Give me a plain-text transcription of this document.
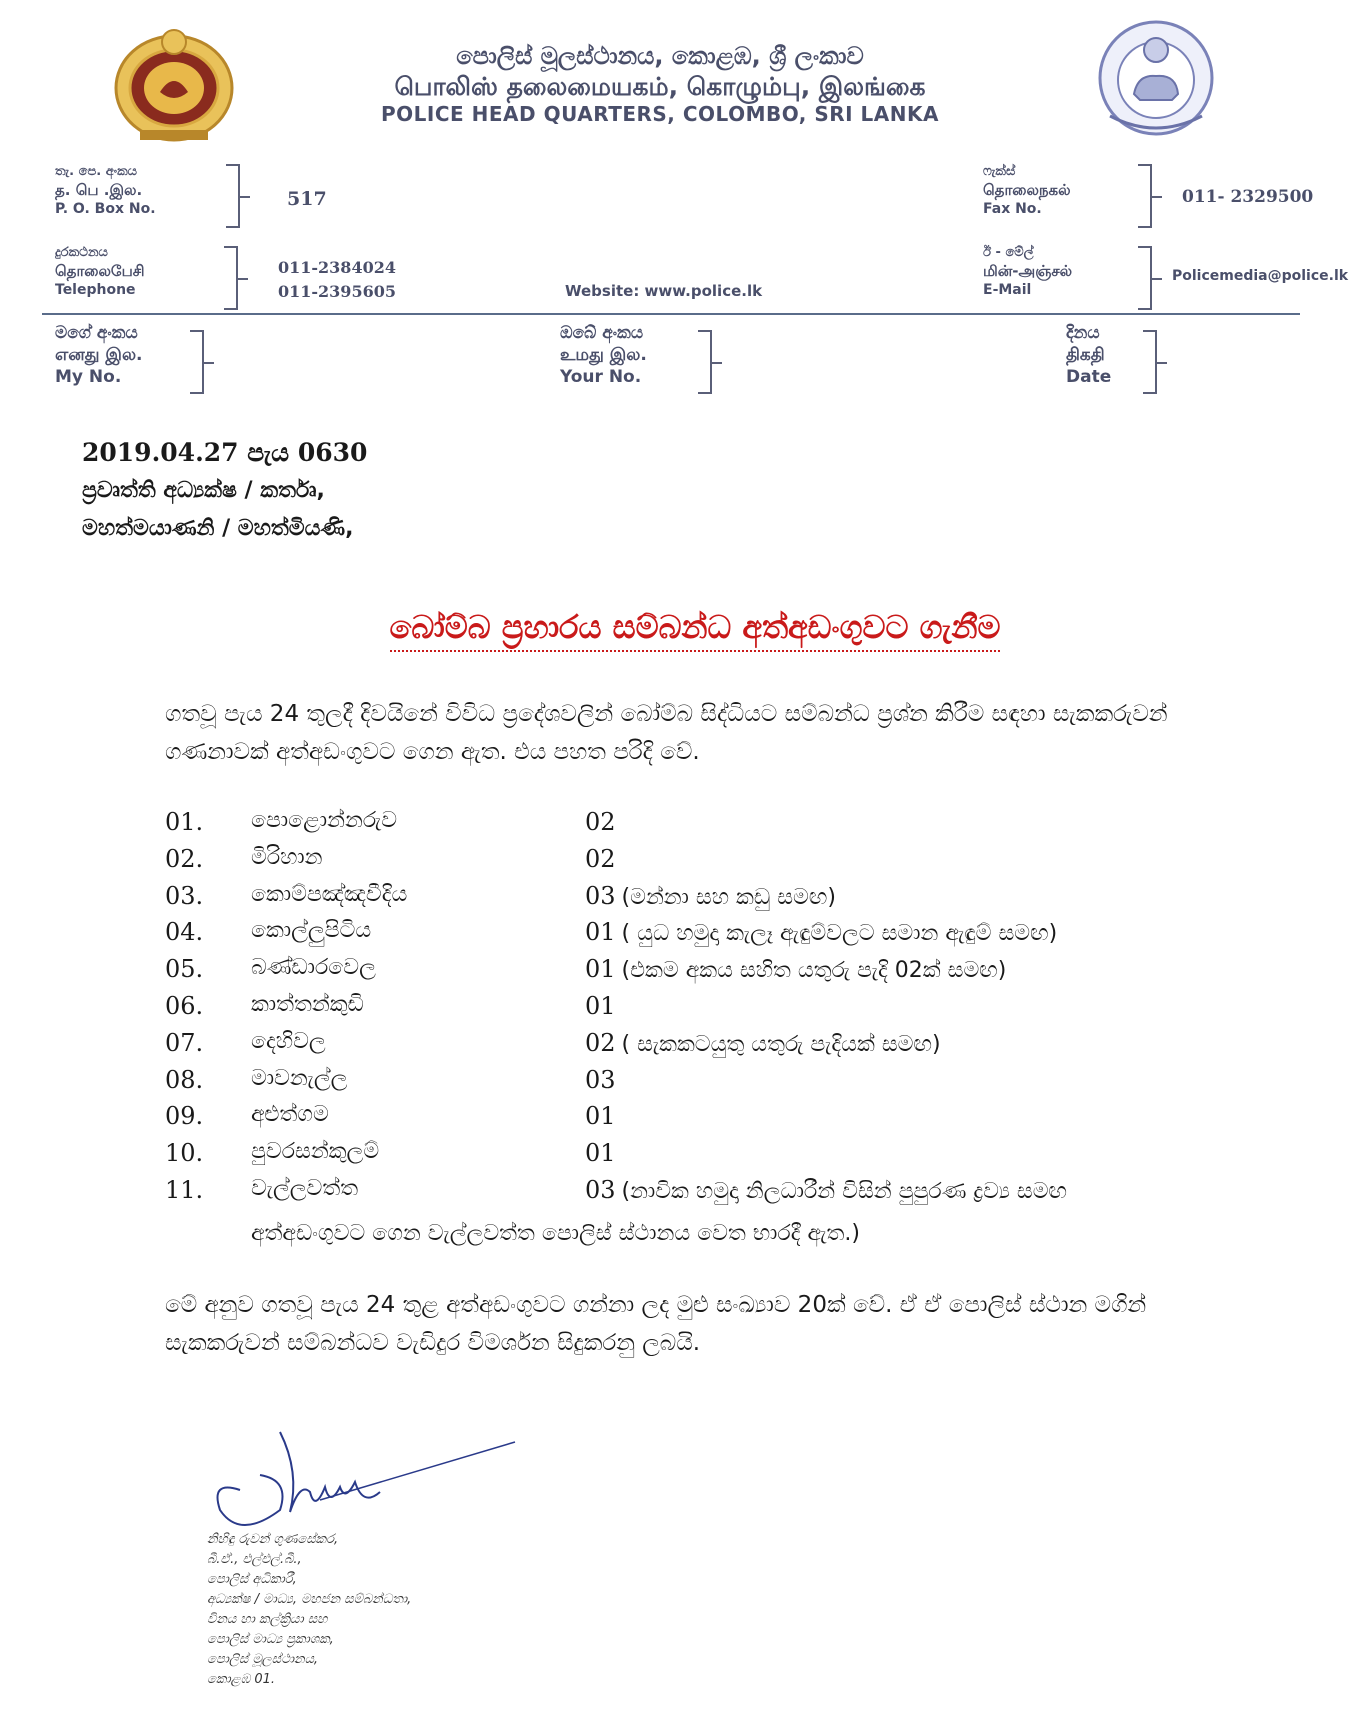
පොලිස් මූලස්ථානය, කොළඹ, ශ්‍රී ලංකාව
பொலிஸ் தலைமையகம், கொழும்பு, இலங்கை
POLICE HEAD QUARTERS, COLOMBO, SRI LANKA
තැ. පෙ. අංකය
த. பெ .இல.
P. O. Box No.	517
ෆැක්ස්
தொலைநகல்
Fax No.
011- 2329500
දුරකථනය
தொலைபேசி
Telephone
011-2384024
011-2395605	Website: www.police.lk
ඊ - මේල්
மின்-அஞ்சல்
E-Mail
Policemedia@police.lk
මගේ අංකය
எனது இல.
My No.
ඔබේ අංකය
உமது இல.
Your No.
දිනය
திகதி
Date
2019.04.27 පැය 0630
ප්‍රවෘත්ති අධ්‍යක්ෂ / කර්තෘ,
මහත්මයාණනි / මහත්මියණි,
බෝම්බ ප්‍රහාරය සම්බන්ධ අත්අඩංගුවට ගැනීම
ගතවූ පැය 24 තුලදී දිවයිනේ විවිධ ප්‍රදේශවලින් බෝම්බ සිද්ධියට සම්බන්ධ ප්‍රශ්න කිරීම සඳහා සැකකරුවන් ගණනාවක් අත්අඩංගුවට ගෙන ඇත. එය පහත පරිදි වේ.
01.	පොළොන්නරුව	02
02.	මිරිහාන	02
03.	කොම්පඤ්ඤවීදිය	03 (මන්නා සහ කඩු සමඟ)
04.	කොල්ලුපිටිය	01 ( යුධ හමුදා කැලෑ ඇඳුම්වලට සමාන ඇඳුම් සමඟ)
05.	බණ්ඩාරවෙල	01 (එකම අකය සහිත යතුරු පැදි 02ක් සමඟ)
06.	කාත්තන්කුඩි	01
07.	දෙහිවල	02 ( සැකකටයුතු යතුරු පැදියක් සමඟ)
08.	මාවනැල්ල	03
09.	අළුත්ගම	01
10.	පුවරසන්කුලම්	01
11.	වැල්ලවත්ත	03 (නාවික හමුදා නිලධාරීන් විසින් පුපුරණ ද්‍රව්‍ය සමඟ
අත්අඩංගුවට ගෙන වැල්ලවත්ත පොලිස් ස්ථානය වෙත භාරදී ඇත.)
මේ අනුව ගතවූ පැය 24 තුළ අත්අඩංගුවට ගන්නා ලද මුළු සංඛ්‍යාව 20ක් වේ. ඒ ඒ පොලිස් ස්ථාන මගින් සැකකරුවන් සම්බන්ධව වැඩිදුර විමර්ශන සිදුකරනු ලබයි.
නිහිඳු රුවන් ගුණසේකර,
බී.ඒ., එල්එල්.බී.,
පොලිස් අධිකාරී,
අධ්‍යක්ෂ / මාධ්‍ය, මහජන සම්බන්ධතා,
විනය හා කල්ක්‍රියා සහ
පොලිස් මාධ්‍ය ප්‍රකාශක,
පොලිස් මූලස්ථානය,
කොළඹ 01.
